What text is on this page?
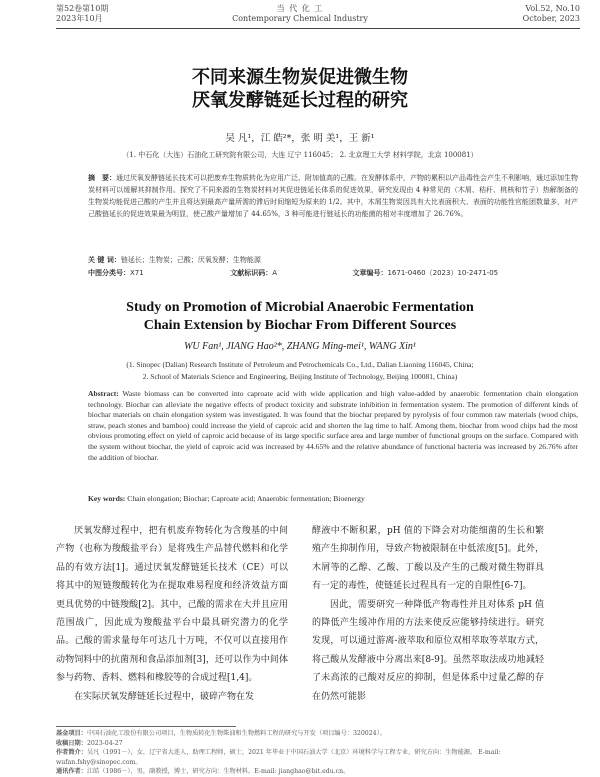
第52卷第10期
2023年10月
当 代 化 工
Contemporary Chemical Industry
Vol.52, No.10
October, 2023
不同来源生物炭促进微生物
厌氧发酵链延长过程的研究
吴 凡¹，江 皓²*，张 明 美¹，王 新¹
（1. 中石化（大连）石油化工研究院有限公司，大连 辽宁 116045； 2. 北京理工大学 材料学院，北京 100081）
摘　要：通过厌氧发酵链延长技术可以把废弃生物质转化为应用广泛、附加值高的己酸。在发酵体系中，产物的累积以产品毒性会产生不利影响，通过添加生物炭材料可以缓解其抑制作用。探究了不同来源的生物炭材料对其促进链延长体系的促进效果，研究发现由 4 种常见的（木屑、秸秆、桃核和竹子）热解制备的生物炭均能促进己酸的产生并且将达到最高产量所需的滞后时间缩短为原来的 1/2。其中，木屑生物炭因具有大比表面积大、表面的功能性官能团数量多，对产己酸链延长的促进效果最为明显，使己酸产量增加了 44.65%，3 种可能进行链延长的功能菌的相对丰度增加了 26.76%。
关 键 词：链延长；生物炭；己酸；厌氧发酵；生物能源
中图分类号：X71	文献标识码：A	文章编号：1671-0460（2023）10-2471-05
Study on Promotion of Microbial Anaerobic Fermentation
Chain Extension by Biochar From Different Sources
WU Fan¹, JIANG Hao²*, ZHANG Ming-mei¹, WANG Xin¹
(1. Sinopec (Dalian) Research Institute of Petroleum and Petrochemicals Co., Ltd., Dalian Liaoning 116045, China;
2. School of Materials Science and Engineering, Beijing Institute of Technology, Beijing 100081, China)
Abstract: Waste biomass can be converted into caproate acid with wide application and high value-added by anaerobic fermentation chain elongation technology. Biochar can alleviate the negative effects of product toxicity and substrate inhibition in fermentation system. The promotion of different kinds of biochar materials on chain elongation system was investigated. It was found that the biochar prepared by pyrolysis of four common raw materials (wood chips, straw, peach stones and bamboo) could increase the yield of caproic acid and shorten the lag time to half. Among them, biochar from wood chips had the most obvious promoting effect on yield of caproic acid because of its large specific surface area and large number of functional groups on the surface. Compared with the system without biochar, the yield of caproic acid was increased by 44.65% and the relative abundance of functional bacteria was increased by 26.76% after the addition of biochar.
Key words: Chain elongation; Biochar; Caproate acid; Anaerobic fermentation; Bioenergy

厌氧发酵过程中，把有机废弃物转化为含羧基的中间产物（也称为羧酸盐平台）是将残生产品替代燃料和化学品的有效方法[1]。通过厌氧发酵链延长技术（CE）可以将其中的短链羧酸转化为在提取难易程度和经济效益方面更具优势的中链羧酸[2]。其中，己酸的需求在大并且应用范围战广，因此成为羧酸盐平台中最具研究潜力的化学品。己酸的需求量每年可达几十万吨，不仅可以直接用作动物饲料中的抗菌剂和食品添加剂[3]，还可以作为中间体参与药物、香料、燃料和橡胶等的合成过程[1,4]。

在实际厌氧发酵链延长过程中，破碎产物在发

酵液中不断积累，pH 值的下降会对功能细菌的生长和繁殖产生抑制作用，导致产物被限制在中低浓度[5]。此外，木屑等的乙醇、乙酸、丁酸以及产生的己酸对微生物群具有一定的毒性，使链延长过程具有一定的自限性[6-7]。

因此，需要研究一种降低产物毒性并且对体系 pH 值的降低产生缓冲作用的方法来使反应能够持续进行。研究发现，可以通过游离-液萃取和原位双相萃取等萃取方式，将己酸从发酵液中分离出来[8-9]。虽然萃取法成功地减轻了未高浓的己酸对反应的抑制，但是体系中过量乙醇的存在仍然可能影

基金项目：中国石油化工股份有限公司项目，生物质转化生物柴油和生物燃料工程的研究与开发（项目编号：320024）。
收稿日期：2023-04-27
作者简介：吴凡（1991－），女，辽宁省大连人，助理工程师，硕士，2021 年毕业于中国石油大学（北京）环境科学与工程专业，研究方向：生物能源。 E-mail: wufan.fshy@sinopec.com。
通讯作者：江皓（1986－），男，副教授，博士，研究方向：生物材料。E-mail: jianghao@bit.edu.cn。
